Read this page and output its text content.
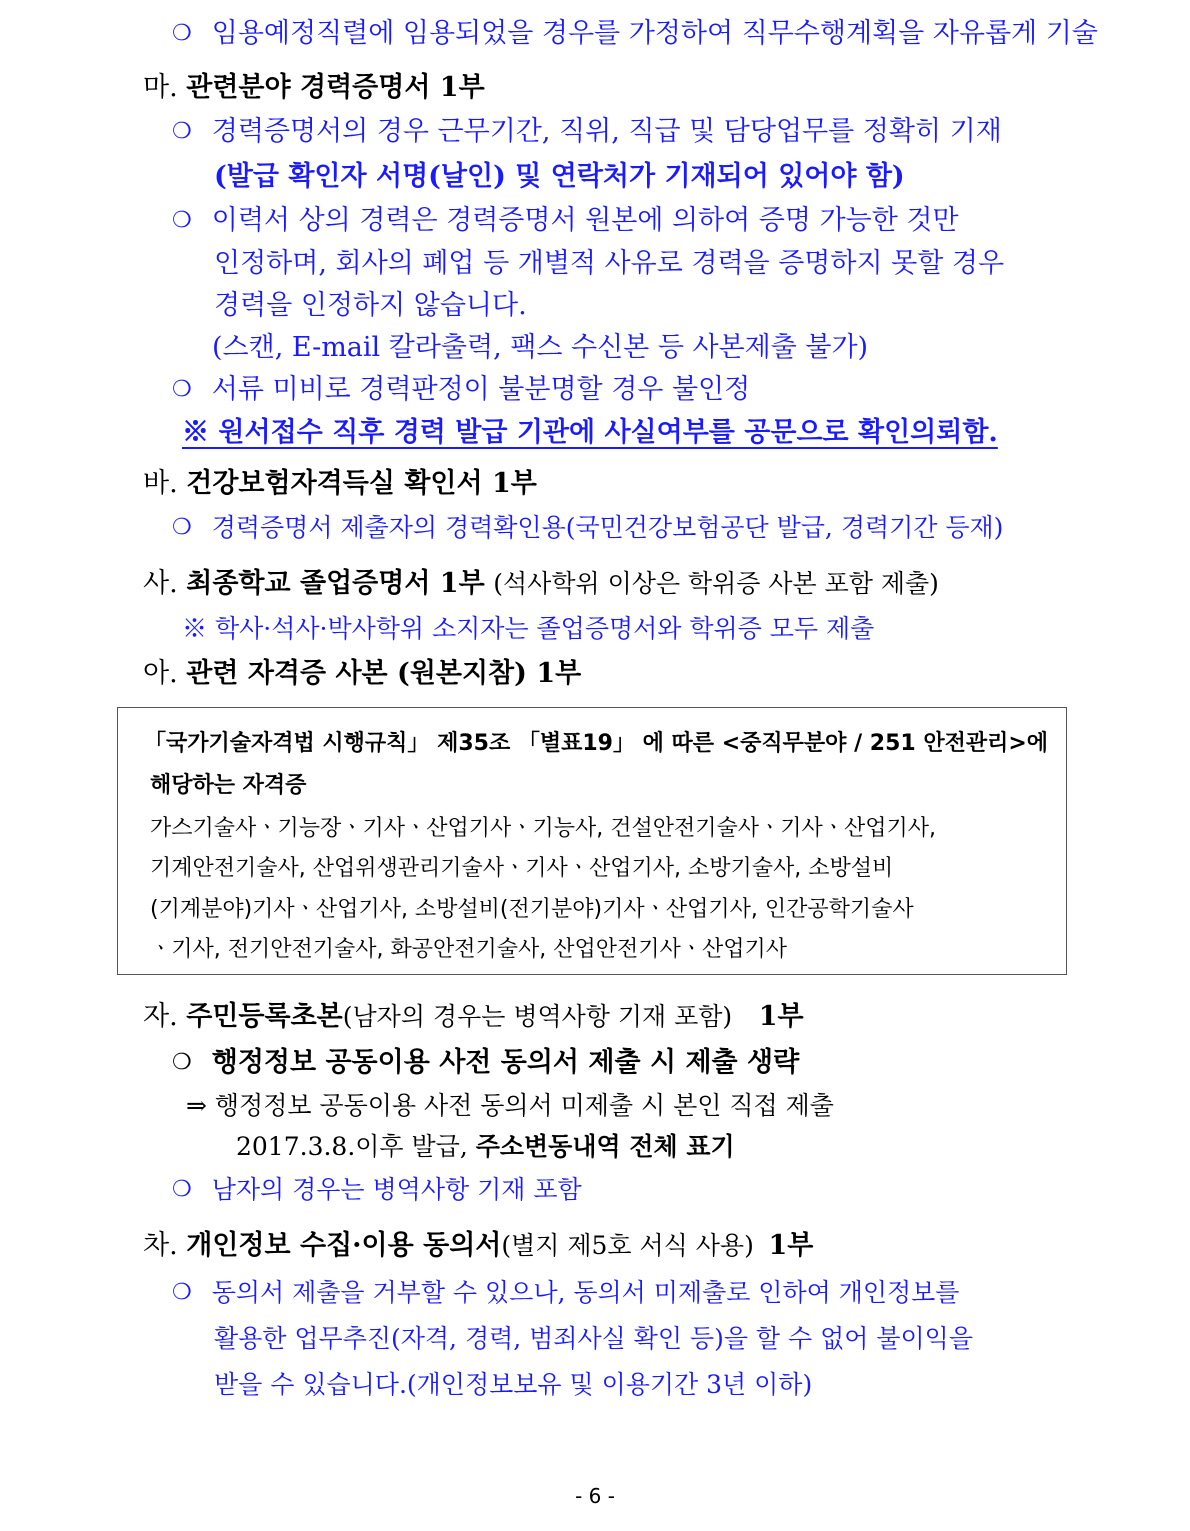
❍ 임용예정직렬에 임용되었을 경우를 가정하여 직무수행계획을 자유롭게 기술
마. 관련분야 경력증명서 1부
❍ 경력증명서의 경우 근무기간, 직위, 직급 및 담당업무를 정확히 기재
(발급 확인자 서명(날인) 및 연락처가 기재되어 있어야 함)
❍ 이력서 상의 경력은 경력증명서 원본에 의하여 증명 가능한 것만
인정하며, 회사의 폐업 등 개별적 사유로 경력을 증명하지 못할 경우
경력을 인정하지 않습니다.
(스캔, E-mail 칼라출력, 팩스 수신본 등 사본제출 불가)
❍ 서류 미비로 경력판정이 불분명할 경우 불인정
※ 원서접수 직후 경력 발급 기관에 사실여부를 공문으로 확인의뢰함.
바. 건강보험자격득실 확인서 1부
❍ 경력증명서 제출자의 경력확인용(국민건강보험공단 발급, 경력기간 등재)
사. 최종학교 졸업증명서 1부 (석사학위 이상은 학위증 사본 포함 제출)
※ 학사·석사·박사학위 소지자는 졸업증명서와 학위증 모두 제출
아. 관련 자격증 사본 (원본지참) 1부
「국가기술자격법 시행규칙」 제35조 「별표19」 에 따른 <중직무분야 / 251 안전관리>에
해당하는 자격증
가스기술사ㆍ기능장ㆍ기사ㆍ산업기사ㆍ기능사, 건설안전기술사ㆍ기사ㆍ산업기사,
기계안전기술사, 산업위생관리기술사ㆍ기사ㆍ산업기사, 소방기술사, 소방설비
(기계분야)기사ㆍ산업기사, 소방설비(전기분야)기사ㆍ산업기사, 인간공학기술사
ㆍ기사, 전기안전기술사, 화공안전기술사, 산업안전기사ㆍ산업기사
자. 주민등록초본(남자의 경우는 병역사항 기재 포함) 1부
❍ 행정정보 공동이용 사전 동의서 제출 시 제출 생략
⇒ 행정정보 공동이용 사전 동의서 미제출 시 본인 직접 제출
2017.3.8.이후 발급, 주소변동내역 전체 표기
❍ 남자의 경우는 병역사항 기재 포함
차. 개인정보 수집·이용 동의서(별지 제5호 서식 사용) 1부
❍ 동의서 제출을 거부할 수 있으나, 동의서 미제출로 인하여 개인정보를
활용한 업무추진(자격, 경력, 범죄사실 확인 등)을 할 수 없어 불이익을
받을 수 있습니다.(개인정보보유 및 이용기간 3년 이하)
- 6 -
